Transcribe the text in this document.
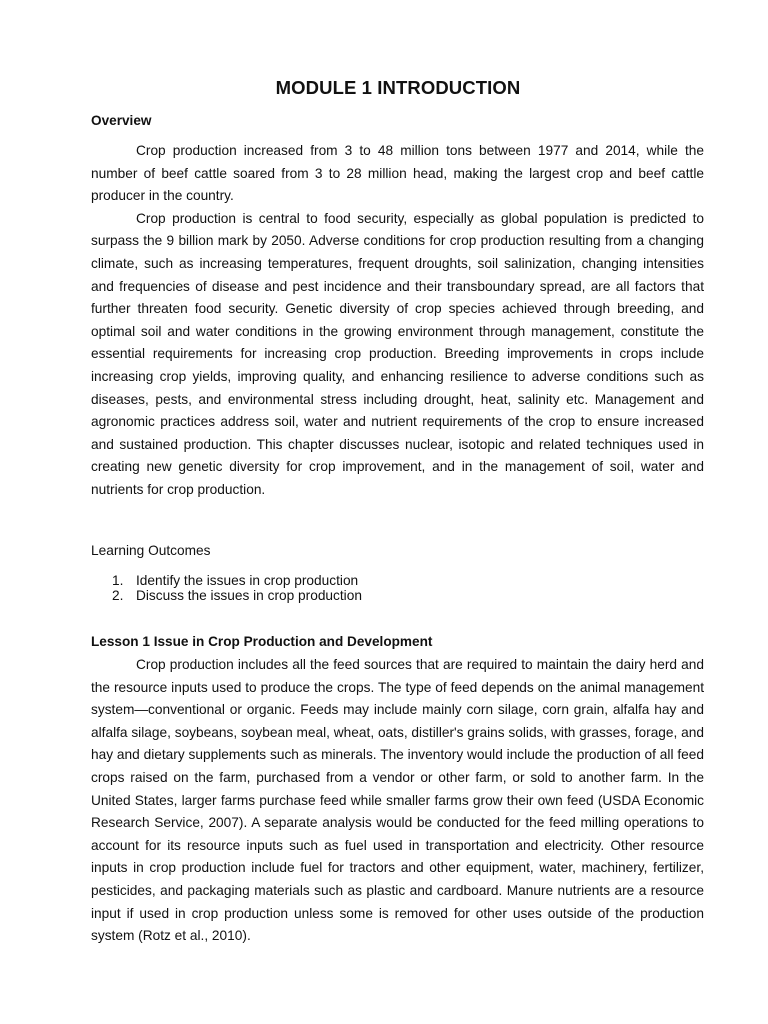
MODULE 1 INTRODUCTION
Overview

Crop production increased from 3 to 48 million tons between 1977 and 2014, while the number of beef cattle soared from 3 to 28 million head, making the largest crop and beef cattle producer in the country.

Crop production is central to food security, especially as global population is predicted to surpass the 9 billion mark by 2050. Adverse conditions for crop production resulting from a changing climate, such as increasing temperatures, frequent droughts, soil salinization, changing intensities and frequencies of disease and pest incidence and their transboundary spread, are all factors that further threaten food security. Genetic diversity of crop species achieved through breeding, and optimal soil and water conditions in the growing environment through management, constitute the essential requirements for increasing crop production. Breeding improvements in crops include increasing crop yields, improving quality, and enhancing resilience to adverse conditions such as diseases, pests, and environmental stress including drought, heat, salinity etc. Management and agronomic practices address soil, water and nutrient requirements of the crop to ensure increased and sustained production. This chapter discusses nuclear, isotopic and related techniques used in creating new genetic diversity for crop improvement, and in the management of soil, water and nutrients for crop production.

Learning Outcomes
1. Identify the issues in crop production
2. Discuss the issues in crop production
Lesson 1 Issue in Crop Production and Development

Crop production includes all the feed sources that are required to maintain the dairy herd and the resource inputs used to produce the crops. The type of feed depends on the animal management system—conventional or organic. Feeds may include mainly corn silage, corn grain, alfalfa hay and alfalfa silage, soybeans, soybean meal, wheat, oats, distiller's grains solids, with grasses, forage, and hay and dietary supplements such as minerals. The inventory would include the production of all feed crops raised on the farm, purchased from a vendor or other farm, or sold to another farm. In the United States, larger farms purchase feed while smaller farms grow their own feed (USDA Economic Research Service, 2007). A separate analysis would be conducted for the feed milling operations to account for its resource inputs such as fuel used in transportation and electricity. Other resource inputs in crop production include fuel for tractors and other equipment, water, machinery, fertilizer, pesticides, and packaging materials such as plastic and cardboard. Manure nutrients are a resource input if used in crop production unless some is removed for other uses outside of the production system (Rotz et al., 2010).
